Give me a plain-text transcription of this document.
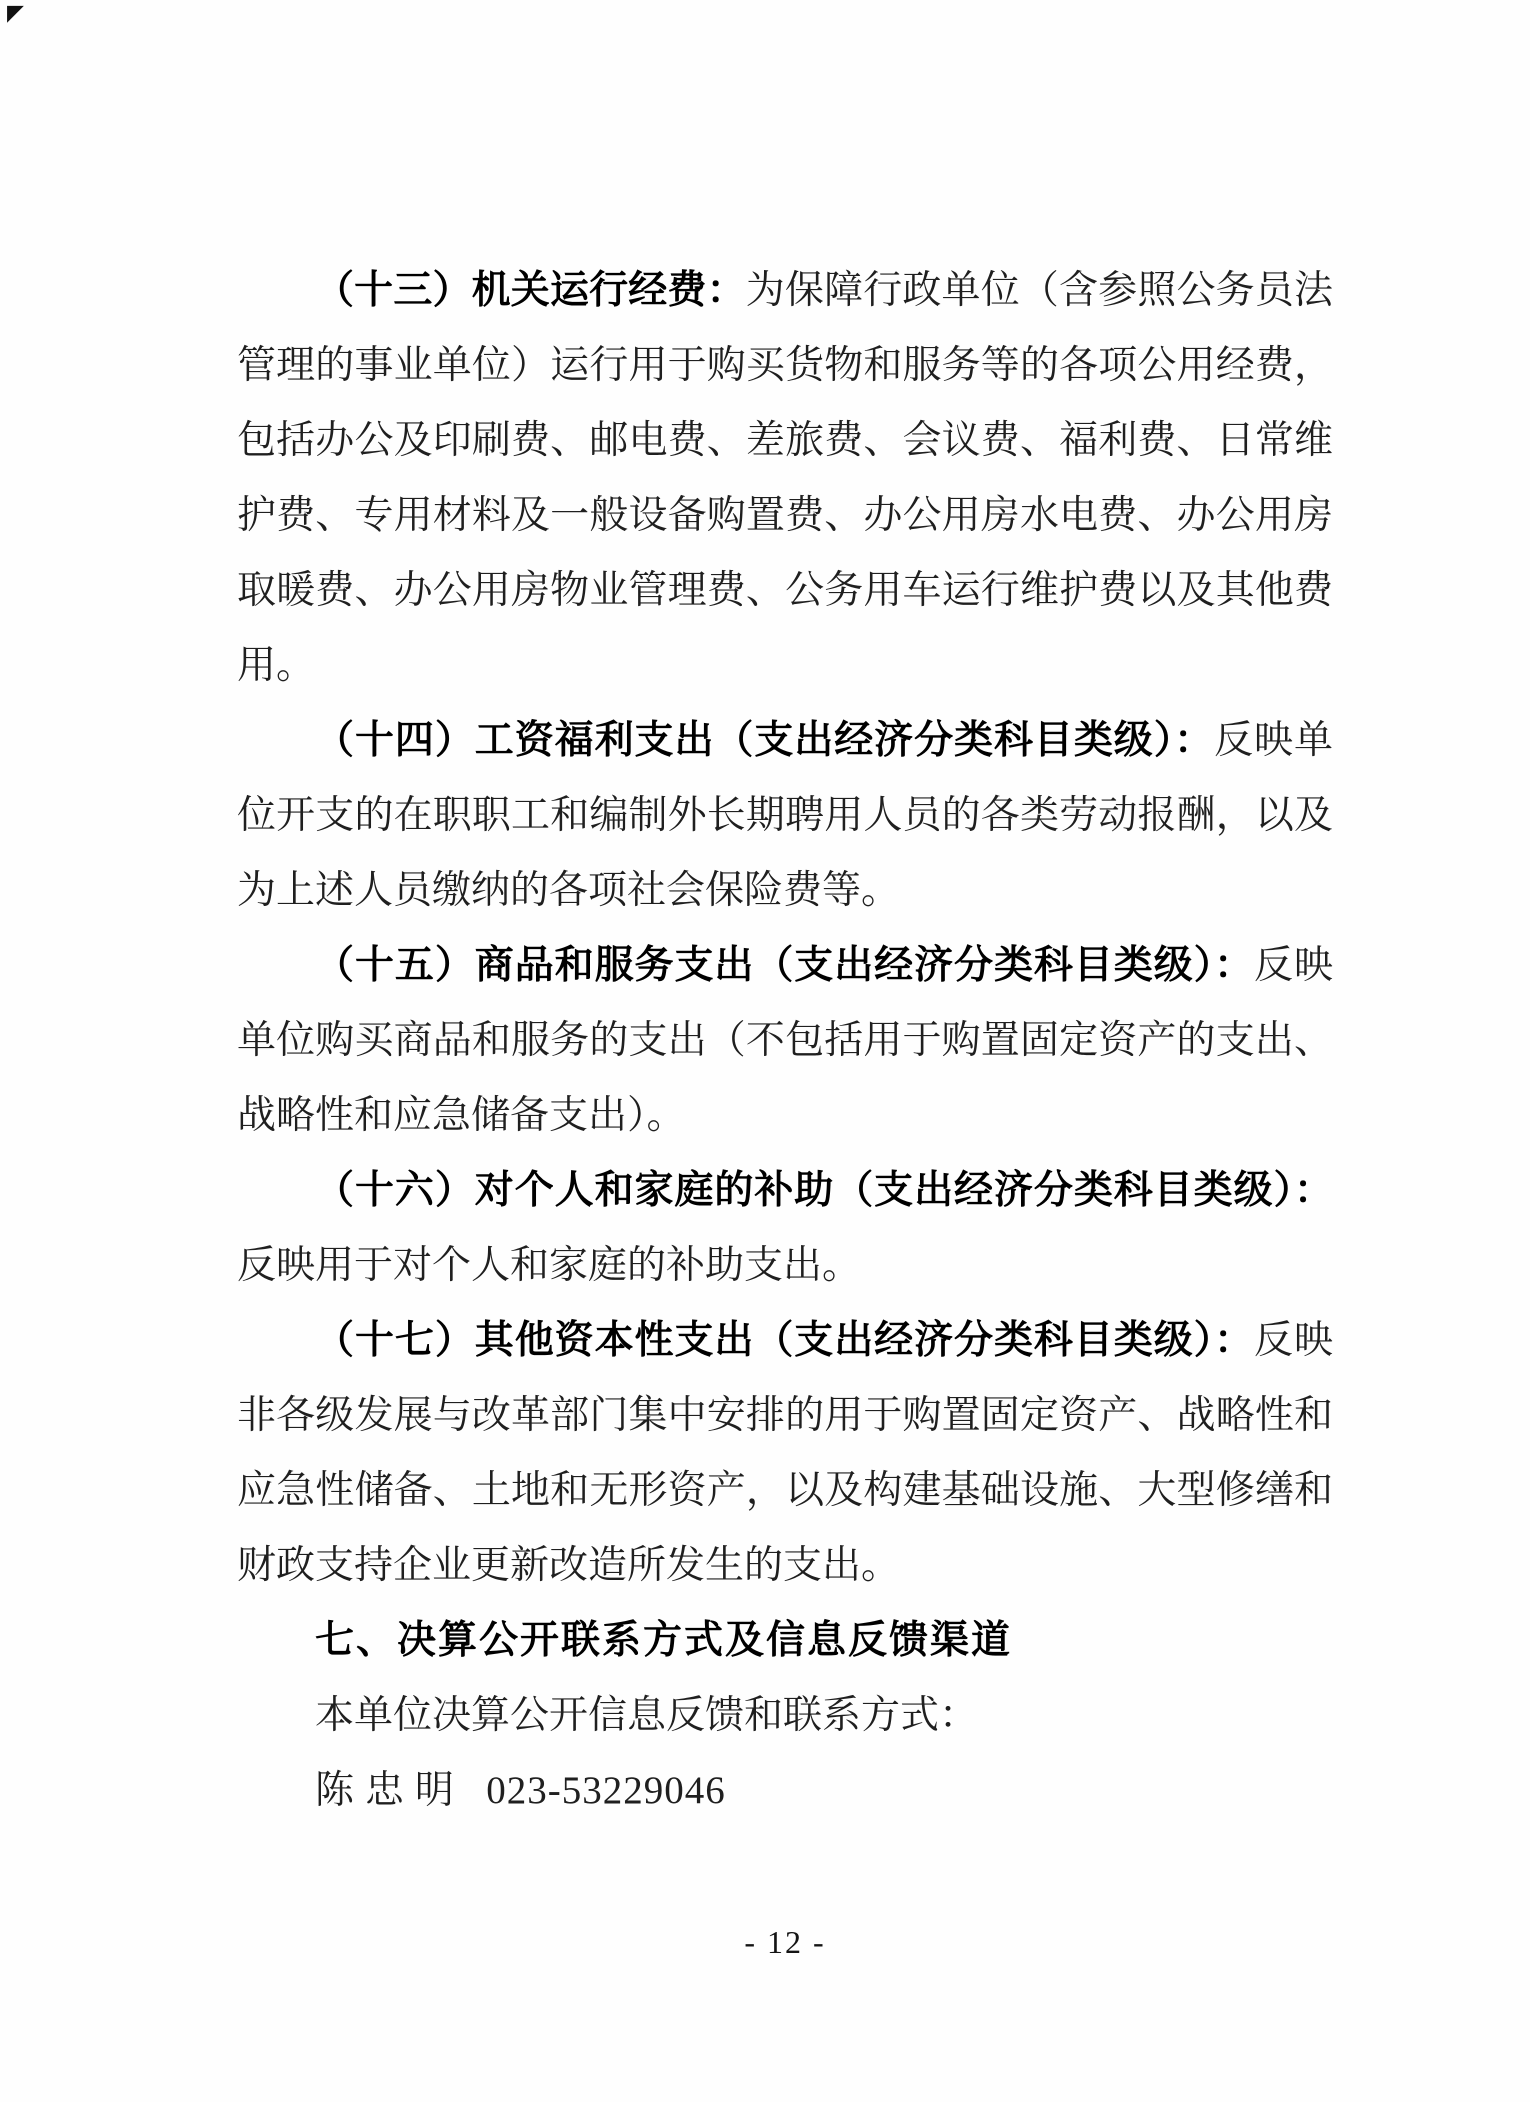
◤

（十三）机关运行经费：为保障行政单位（含参照公务员法管理的事业单位）运行用于购买货物和服务等的各项公用经费，包括办公及印刷费、邮电费、差旅费、会议费、福利费、日常维护费、专用材料及一般设备购置费、办公用房水电费、办公用房取暖费、办公用房物业管理费、公务用车运行维护费以及其他费用。

（十四）工资福利支出（支出经济分类科目类级）：反映单位开支的在职职工和编制外长期聘用人员的各类劳动报酬，以及为上述人员缴纳的各项社会保险费等。

（十五）商品和服务支出（支出经济分类科目类级）：反映单位购买商品和服务的支出（不包括用于购置固定资产的支出、战略性和应急储备支出）。

（十六）对个人和家庭的补助（支出经济分类科目类级）：反映用于对个人和家庭的补助支出。

（十七）其他资本性支出（支出经济分类科目类级）：反映非各级发展与改革部门集中安排的用于购置固定资产、战略性和应急性储备、土地和无形资产，以及构建基础设施、大型修缮和财政支持企业更新改造所发生的支出。

七、决算公开联系方式及信息反馈渠道

本单位决算公开信息反馈和联系方式：

陈忠明 023-53229046

- 12 -
